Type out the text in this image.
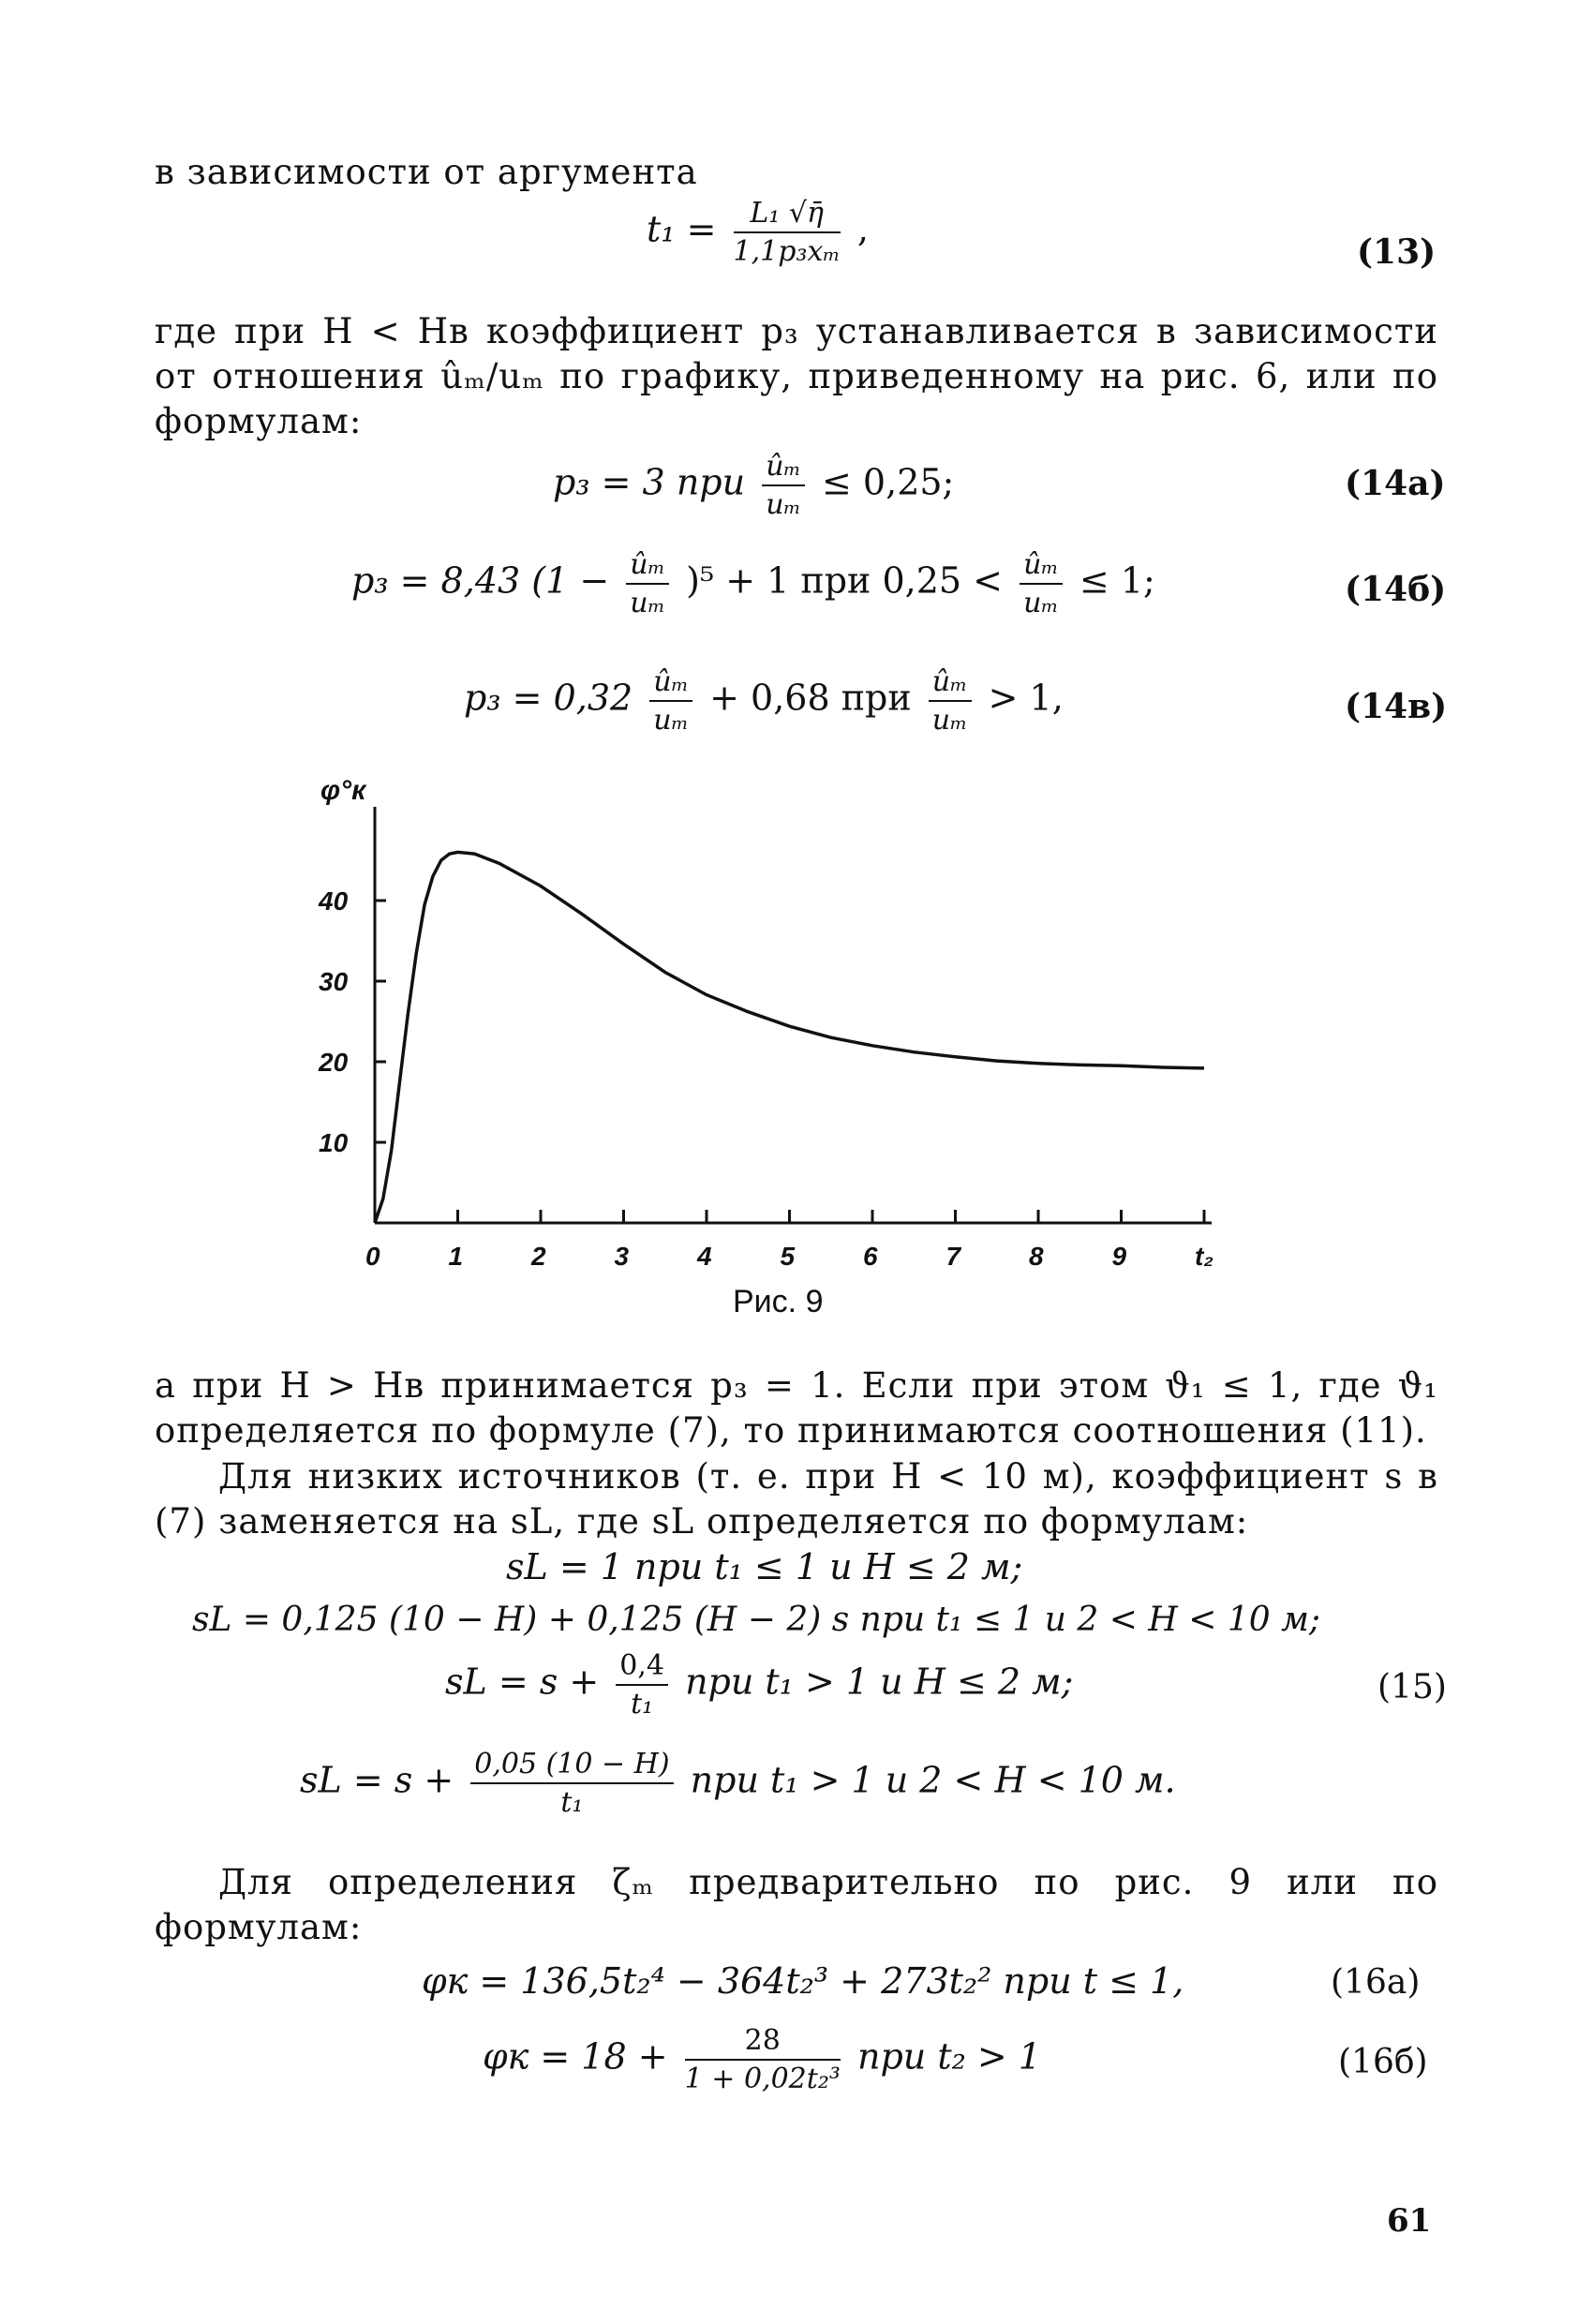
в зависимости от аргумента
$t_1 = \frac{\text{L₁ √η̄}}{\text{1,1p₃xₘ}}$ ,
(13)
где при H < Hв коэффициент p₃ устанавливается в зависимости от отношения ûₘ/uₘ по графику, приведенному на рис. 6, или по формулам:
p₃ = 3 при $\frac{\text{ûₘ}}{\text{uₘ}} \le 0,25$;	(14а)
p₃ = 8,43 $(1 - \frac{\text{ûₘ}}{\text{uₘ}} )^5 + 1$ при $0,25 < \frac{\text{ûₘ}}{\text{uₘ}} \le 1$;	(14б)
$p_3 = 0,32 \frac{\text{ûₘ}}{\text{uₘ}} + 0,68$ при $\frac{\text{ûₘ}}{\text{uₘ}} > 1$,	(14в)
0	1	2	3	4	5	6	7	8	9	t₂
10
20
30
40
φ°к
Рис. 9
а при H > Hв принимается p₃ = 1. Если при этом ϑ₁ ≤ 1, где ϑ₁ определяется по формуле (7), то принимаются соотношения (11).
Для низких источников (т. е. при H < 10 м), коэффициент s в (7) заменяется на sL, где sL определяется по формулам:
sL = 1 при t₁ ≤ 1 и H ≤ 2 м;
sL = 0,125 (10 − H) + 0,125 (H − 2) s при t₁ ≤ 1 и 2 < H < 10 м;
sL = $s + \frac{0,4}{\text{t₁}}$ при t₁ > 1 и H ≤ 2 м;	(15)
sL = $s + \frac{0,05 (10 - H)}{\text{t₁}}$ при t₁ > 1 и 2 < H < 10 м.
Для определения ζₘ предварительно по рис. 9 или по формулам:
φк = 136,5t₂⁴ − 364t₂³ + 273t₂² при t ≤ 1,	(16а)
$\varphi к = 18 + \frac{28}{\text{1 + 0,02t₂³}}$ при t₂ > 1	(16б)
61
